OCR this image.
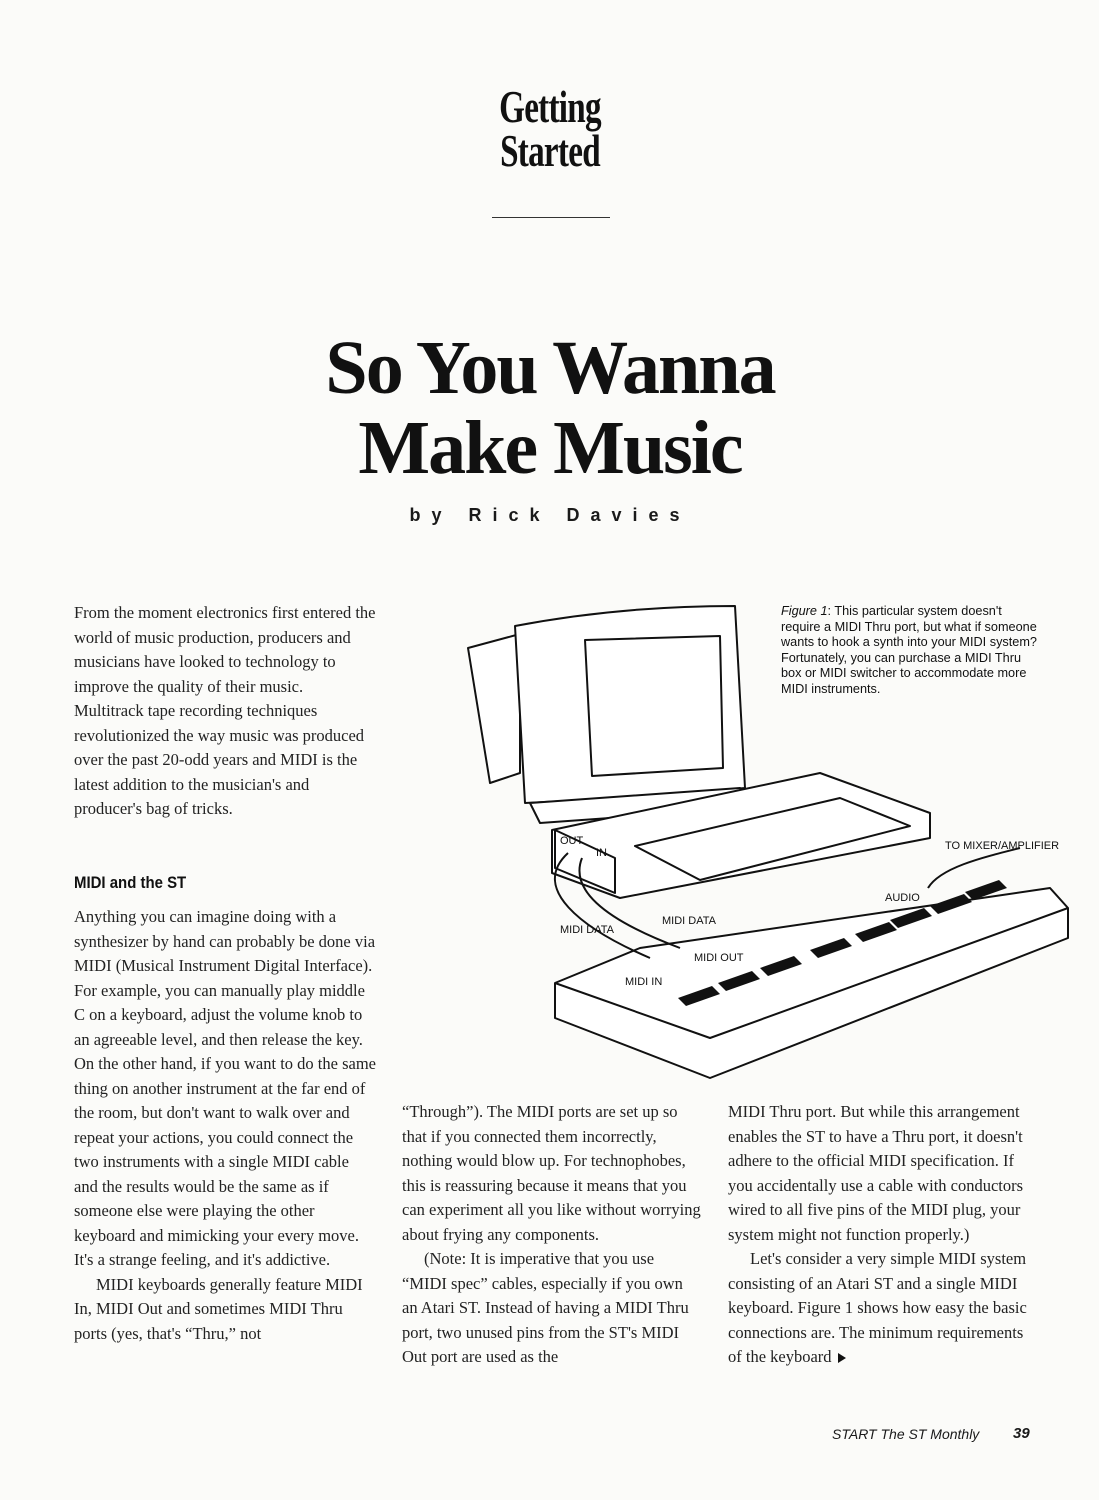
Getting
Started
So You Wanna
Make Music
by Rick Davies

From the moment electronics first entered the world of music production, producers and musicians have looked to technology to improve the quality of their music. Multitrack tape recording techniques revolutionized the way music was produced over the past 20-odd years and MIDI is the latest addition to the musician's and producer's bag of tricks.

MIDI and the ST

Anything you can imagine doing with a synthesizer by hand can probably be done via MIDI (Musical Instrument Digital Interface). For example, you can manually play middle C on a keyboard, adjust the volume knob to an agreeable level, and then release the key. On the other hand, if you want to do the same thing on another instrument at the far end of the room, but don't want to walk over and repeat your actions, you could connect the two instruments with a single MIDI cable and the results would be the same as if someone else were playing the other keyboard and mimicking your every move. It's a strange feeling, and it's addictive.

MIDI keyboards generally feature MIDI In, MIDI Out and sometimes MIDI Thru ports (yes, that's “Thru,” not

“Through”). The MIDI ports are set up so that if you connected them incorrectly, nothing would blow up. For technophobes, this is reassuring because it means that you can experiment all you like without worrying about frying any components.

(Note: It is imperative that you use “MIDI spec” cables, especially if you own an Atari ST. Instead of having a MIDI Thru port, two unused pins from the ST's MIDI Out port are used as the

MIDI Thru port. But while this arrangement enables the ST to have a Thru port, it doesn't adhere to the official MIDI specification. If you accidentally use a cable with conductors wired to all five pins of the MIDI plug, your system might not function properly.)

Let's consider a very simple MIDI system consisting of an Atari ST and a single MIDI keyboard. Figure 1 shows how easy the basic connections are. The minimum requirements of the keyboard

Figure 1: This particular system doesn't require a MIDI Thru port, but what if someone wants to hook a synth into your MIDI system? Fortunately, you can purchase a MIDI Thru box or MIDI switcher to accommodate more MIDI instruments.
OUT
IN
MIDI DATA
MIDI DATA
MIDI OUT
MIDI IN
AUDIO
TO MIXER/AMPLIFIER
START The ST Monthly 39
